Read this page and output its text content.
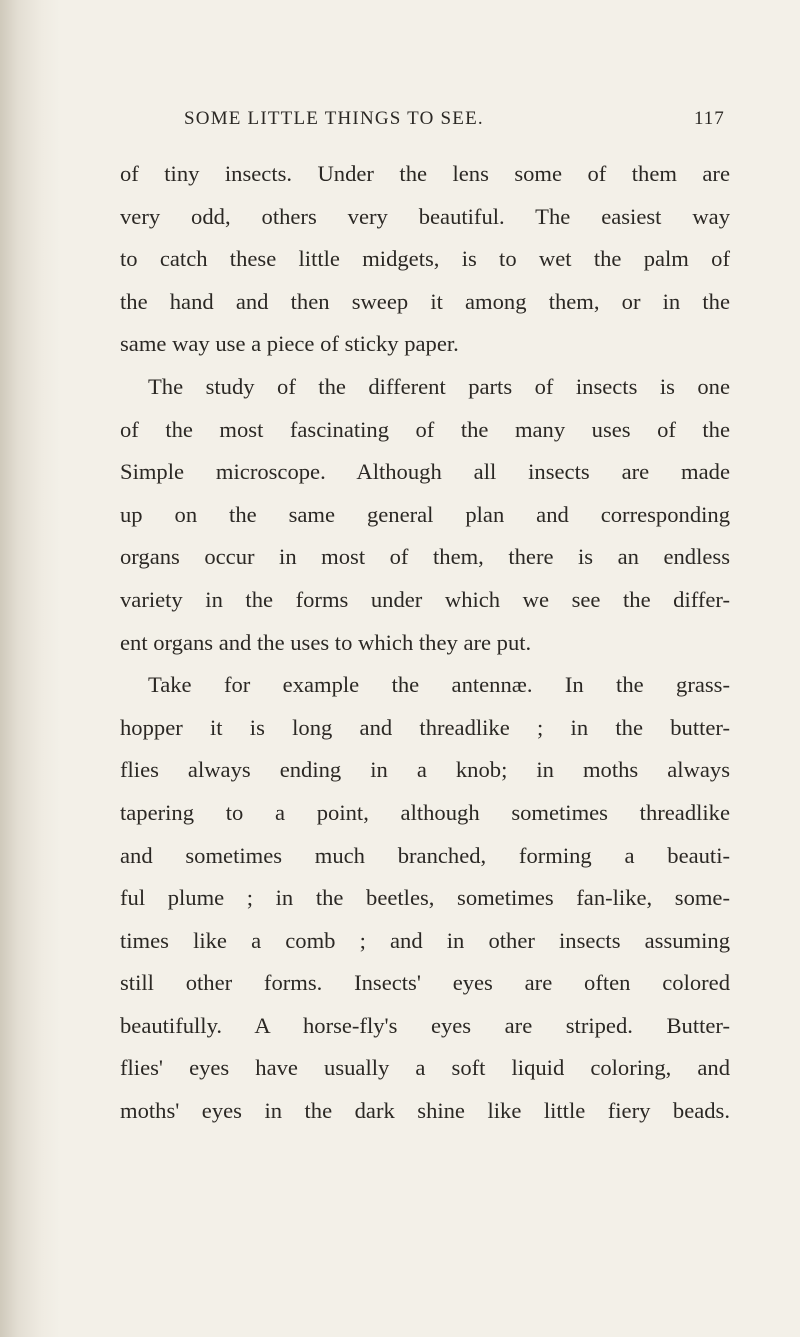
SOME LITTLE THINGS TO SEE.	117
of tiny insects. Under the lens some of them are
very odd, others very beautiful. The easiest way
to catch these little midgets, is to wet the palm of
the hand and then sweep it among them, or in the
same way use a piece of sticky paper.
The study of the different parts of insects is one
of the most fascinating of the many uses of the
Simple microscope. Although all insects are made
up on the same general plan and corresponding
organs occur in most of them, there is an endless
variety in the forms under which we see the differ-
ent organs and the uses to which they are put.
Take for example the antennæ. In the grass-
hopper it is long and threadlike ; in the butter-
flies always ending in a knob; in moths always
tapering to a point, although sometimes threadlike
and sometimes much branched, forming a beauti-
ful plume ; in the beetles, sometimes fan-like, some-
times like a comb ; and in other insects assuming
still other forms. Insects' eyes are often colored
beautifully. A horse-fly's eyes are striped. Butter-
flies' eyes have usually a soft liquid coloring, and
moths' eyes in the dark shine like little fiery beads.
